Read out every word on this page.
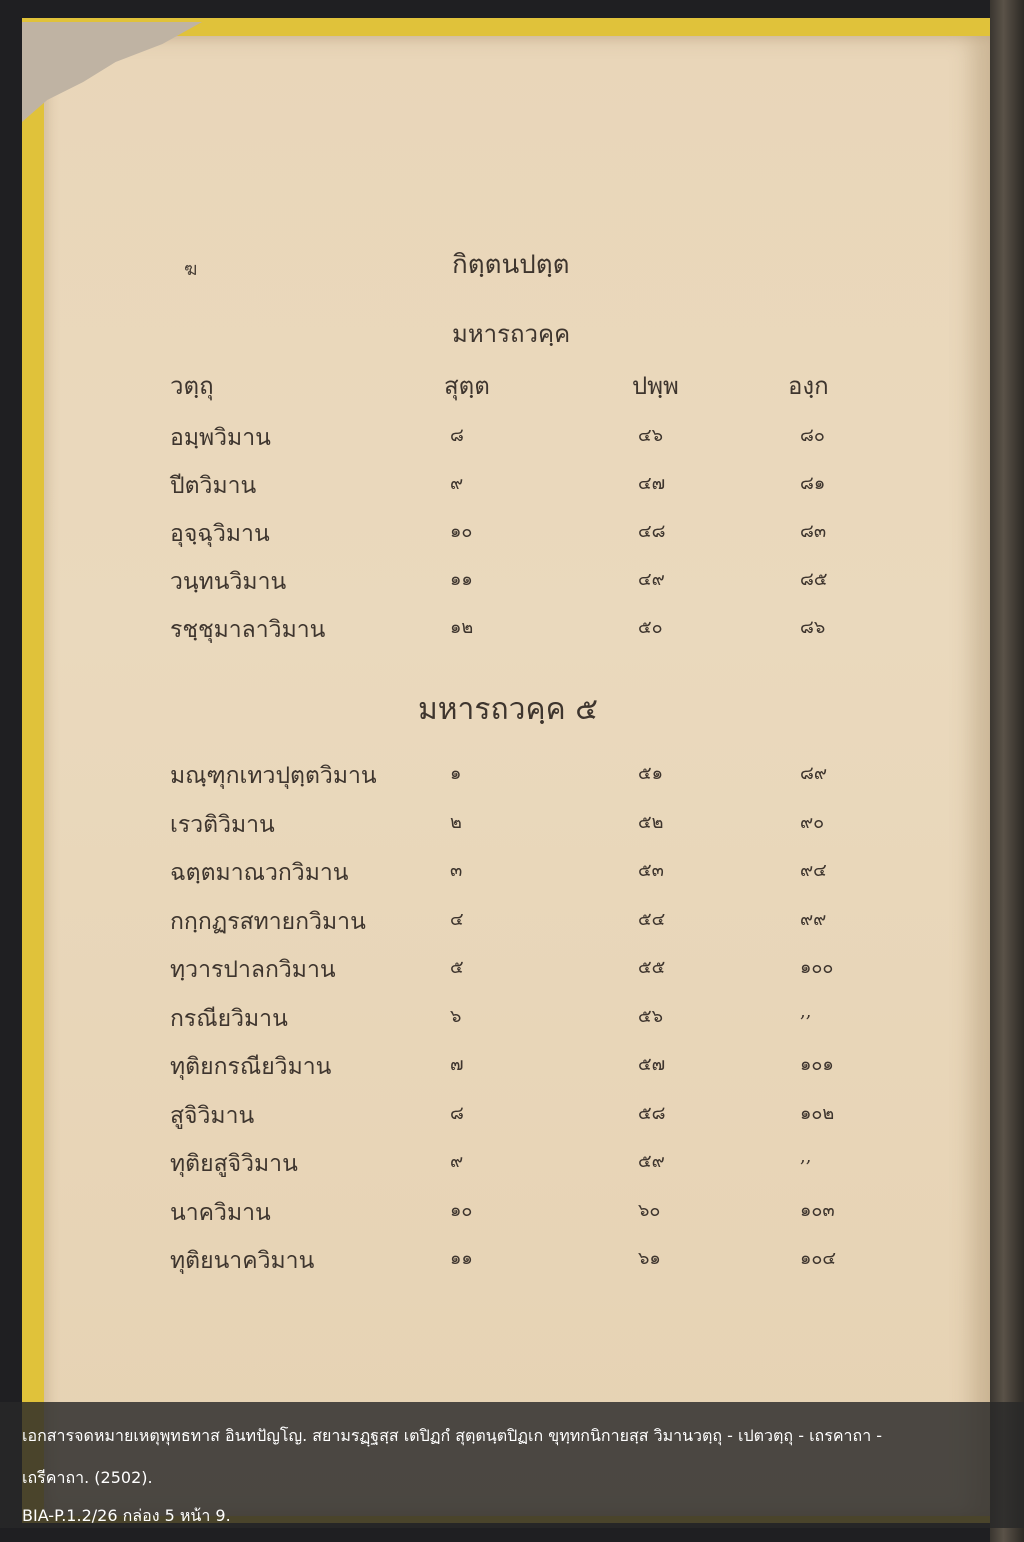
ฆ	กิตฺตนปตฺต
มหารถวคฺค
วตฺถุ	สุตฺต	ปพฺพ	องฺก
อมฺพวิมาน	๘	๔๖	๘๐
ปีตวิมาน	๙	๔๗	๘๑
อุจฺฉุวิมาน	๑๐	๔๘	๘๓
วนฺทนวิมาน	๑๑	๔๙	๘๕
รชฺชุมาลาวิมาน	๑๒	๕๐	๘๖
มหารถวคฺค ๕
มณฺฑุกเทวปุตฺตวิมาน	๑	๕๑	๘๙
เรวติวิมาน	๒	๕๒	๙๐
ฉตฺตมาณวกวิมาน	๓	๕๓	๙๔
กกฺกฏรสทายกวิมาน	๔	๕๔	๙๙
ทฺวารปาลกวิมาน	๕	๕๕	๑๐๐
กรณียวิมาน	๖	๕๖	,,
ทุติยกรณียวิมาน	๗	๕๗	๑๐๑
สูจิวิมาน	๘	๕๘	๑๐๒
ทุติยสูจิวิมาน	๙	๕๙	,,
นาควิมาน	๑๐	๖๐	๑๐๓
ทุติยนาควิมาน	๑๑	๖๑	๑๐๔
เอกสารจดหมายเหตุพุทธทาส อินทปัญโญ. สยามรฏฺฐสฺส เตปิฏกํ สุตฺตนฺตปิฏเก ขุทฺทกนิกายสฺส วิมานวตฺถุ - เปตวตฺถุ - เถรคาถา -
เถรีคาถา. (2502).
BIA-P.1.2/26 กล่อง 5 หน้า 9.
